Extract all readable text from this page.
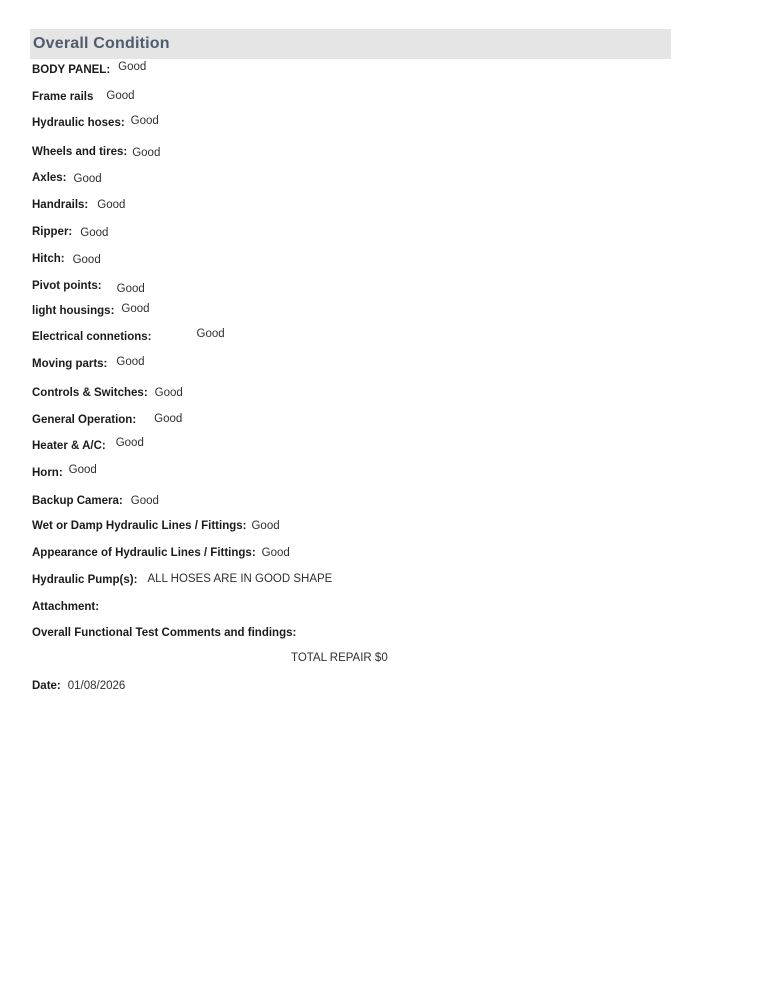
Overall Condition
BODY PANEL: Good
Frame rails Good
Hydraulic hoses: Good
Wheels and tires: Good
Axles: Good
Handrails: Good
Ripper: Good
Hitch: Good
Pivot points: Good
light housings: Good
Electrical connetions:	Good
Moving parts: Good
Controls & Switches: Good
General Operation: Good
Heater & A/C: Good
Horn: Good
Backup Camera: Good
Wet or Damp Hydraulic Lines / Fittings: Good
Appearance of Hydraulic Lines / Fittings: Good
Hydraulic Pump(s): ALL HOSES ARE IN GOOD SHAPE
Attachment:
Overall Functional Test Comments and findings:
TOTAL REPAIR $0
Date: 01/08/2026
